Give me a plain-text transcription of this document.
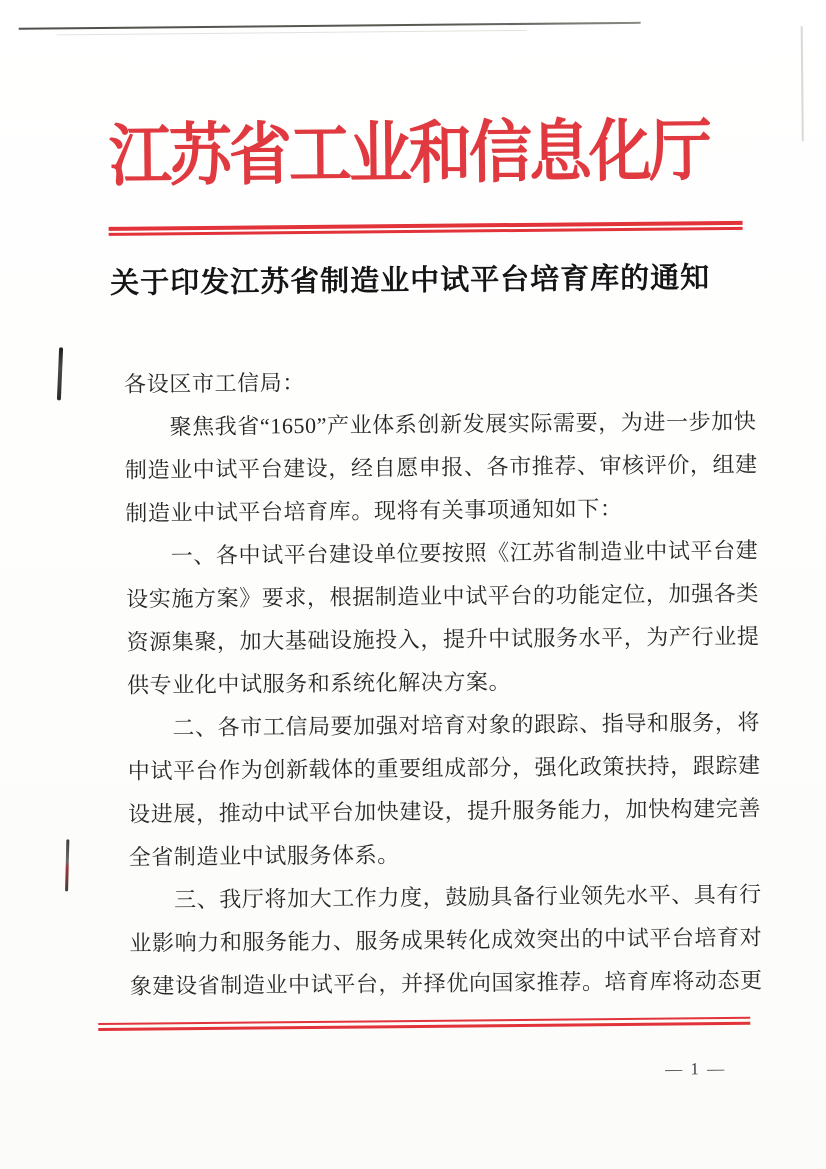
江苏省工业和信息化厅
关于印发江苏省制造业中试平台培育库的通知
各设区市工信局：
聚焦我省“1650”产业体系创新发展实际需要，为进一步加快
制造业中试平台建设，经自愿申报、各市推荐、审核评价，组建
制造业中试平台培育库。现将有关事项通知如下：
一、各中试平台建设单位要按照《江苏省制造业中试平台建
设实施方案》要求，根据制造业中试平台的功能定位，加强各类
资源集聚，加大基础设施投入，提升中试服务水平，为产行业提
供专业化中试服务和系统化解决方案。
二、各市工信局要加强对培育对象的跟踪、指导和服务，将
中试平台作为创新载体的重要组成部分，强化政策扶持，跟踪建
设进展，推动中试平台加快建设，提升服务能力，加快构建完善
全省制造业中试服务体系。
三、我厅将加大工作力度，鼓励具备行业领先水平、具有行
业影响力和服务能力、服务成果转化成效突出的中试平台培育对
象建设省制造业中试平台，并择优向国家推荐。培育库将动态更
— 1 —
